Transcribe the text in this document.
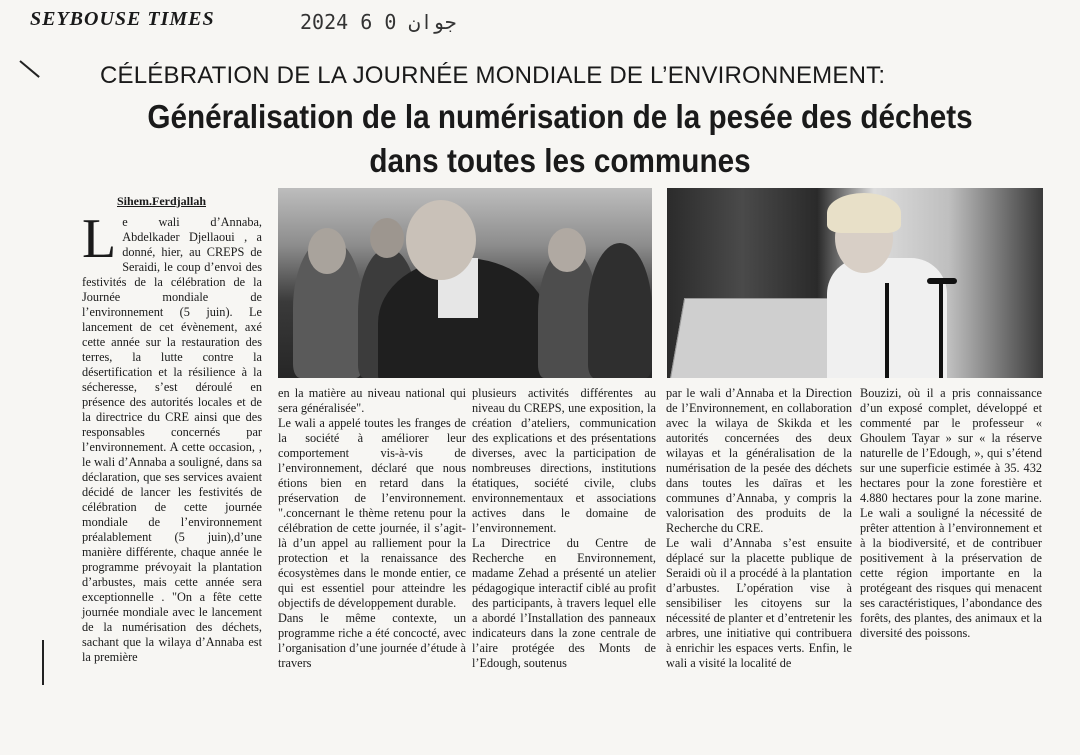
SEYBOUSE TIMES	2024 جوان 0 6
CÉLÉBRATION DE LA JOURNÉE MONDIALE DE L’ENVIRONNEMENT:
Généralisation de la numérisation de la pesée des déchets
dans toutes les communes
Sihem.Ferdjallah
L e wali d’Annaba, Abdelkader Djellaoui , a donné, hier, au CREPS de Seraidi, le coup d’envoi des festivités de la célébration de la Journée mondiale de l’environnement (5 juin). Le lancement de cet évènement, axé cette année sur la restauration des terres, la lutte contre la désertification et la résilience à la sécheresse, s’est déroulé en présence des autorités locales et de la directrice du CRE ainsi que des responsables concernés par l’environnement. A cette occasion, , le wali d’Annaba a souligné, dans sa déclaration, que ses services avaient décidé de lancer les festivités de célébration de cette journée mondiale de l’environnement préalablement (5 juin),d’une manière différente, chaque année le programme prévoyait la plantation d’arbustes, mais cette année sera exceptionnelle . "On a fête cette journée mondiale avec le lancement de la numérisation des déchets, sachant que la wilaya d’Annaba est la première

en la matière au niveau national qui sera généralisée".

Le wali a appelé toutes les franges de la société à améliorer leur comportement vis-à-vis de l’environnement, déclaré que nous étions bien en retard dans la préservation de l’environnement. ".concernant le thème retenu pour la célébration de cette journée, il s’agit-là d’un appel au ralliement pour la protection et la renaissance des écosystèmes dans le monde entier, ce qui est essentiel pour atteindre les objectifs de développement durable.

Dans le même contexte, un programme riche a été concocté, avec l’organisation d’une journée d’étude à travers

plusieurs activités différentes au niveau du CREPS, une exposition, la création d’ateliers, communication des explications et des présentations diverses, avec la participation de nombreuses directions, institutions étatiques, société civile, clubs environnementaux et associations actives dans le domaine de l’environnement.

La Directrice du Centre de Recherche en Environnement, madame Zehad a présenté un atelier pédagogique interactif ciblé au profit des participants, à travers lequel elle a abordé l’Installation des panneaux indicateurs dans la zone centrale de l’aire protégée des Monts de l’Edough, soutenus

par le wali d’Annaba et la Direction de l’Environnement, en collaboration avec la wilaya de Skikda et les autorités concernées des deux wilayas et la généralisation de la numérisation de la pesée des déchets dans toutes les daïras et les communes d’Annaba, y compris la valorisation des produits de la Recherche du CRE.

Le wali d’Annaba s’est ensuite déplacé sur la placette publique de Seraidi où il a procédé à la plantation d’arbustes. L’opération vise à sensibiliser les citoyens sur la nécessité de planter et d’entretenir les arbres, une initiative qui contribuera à enrichir les espaces verts. Enfin, le wali a visité la localité de

Bouzizi, où il a pris connaissance d’un exposé complet, développé et commenté par le professeur « Ghoulem Tayar » sur « la réserve naturelle de l’Edough, », qui s’étend sur une superficie estimée à 35. 432 hectares pour la zone forestière et 4.880 hectares pour la zone marine. Le wali a souligné la nécessité de prêter attention à l’environnement et à la biodiversité, et de contribuer positivement à la préservation de cette région importante en la protégeant des risques qui menacent ses caractéristiques, l’abondance des forêts, des plantes, des animaux et la diversité des poissons.
